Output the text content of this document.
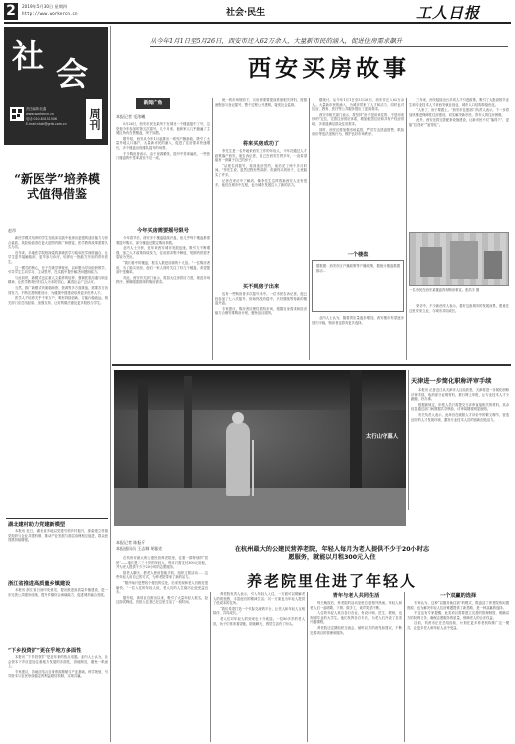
2	2019年5月30日 星期四
http://www.workercn.cn	社会·民生	工人日报
社 会
周刊
责任编辑:杜鑫
www.workercn.cn
电话:010-84151506
E-mail:shzk@grrb.com.cn
“新医学”培养模式值得借鉴
赵昂

新医学模式培养的学生在临床实践中表现出更强的适应能力与综合素质，其经验值得在更大范围内推广和借鉴，医学教育改革需要久久为功。

近年来，多地医学院校探索将基础医学与临床医学深度融合，让学生更早接触临床、更早参与诊疗，培养出一批能力突出的青年医生。

这一模式的核心，在于打破学科壁垒，以问题为导向组织教学，引导学生主动学习、主动思考，在实践中提升解决问题的能力。

与此同时，新模式也注重人文素养的培养，强调医患沟通与职业精神，让医学教育回归以人为本的初心，赢得社会广泛认可。

当然，推广新模式仍面临师资、资源等多方面挑战，需要各方协同发力，不断完善制度设计，为健康中国建设培养更多优秀人才。

医学人才培养关乎千家万户，唯有持续创新，方能行稳致远。相关部门应总结经验、加强支持，让好的做法惠及更多院校与学生。

湖北建村助力党建新模型

本报讯 近日，湖北省多地以党建引领乡村振兴，探索建立村级党组织与企业共建机制，推动产业发展与基层治理相互促进，群众获得感持续增强。

浙江省推进高质量乡镇建设

本报讯 浙江省日前印发意见，提出推进高质量乡镇建设，进一步完善公共服务设施，提升乡镇综合承载能力，促进城乡融合发展。

“下乡投资扩”更在乎地方多面性

本报讯 “下乡投资扩”是近年来的热点话题。业内人士认为，社会资本下乡应更加注重地方发展的多面性，因地制宜，避免一哄而上。

专家建议，各地应结合自身资源禀赋与产业基础，科学规划，引导资本与农民形成稳定的利益联结机制，实现共赢。

从今年1月1日至5月26日，西安市迁入62万余人，大量新市民的涌入，促进住房需求飙升
西安买房故事
新闻广角
本报记者 毛浓曦

5月26日，西安市民毛某终于在城北一个楼盘摇中了号，这是他今年参加的第五次摇号。几个月来，他和家人几乎跑遍了主城区所有在售楼盘，终于如愿。

据介绍，西安从今年1月起推出一系列户籍新政，吸引了大量外地人口落户，大量新市民的涌入，促进了住房需求快速增长，多个楼盘出现排队摇号的场景。

不少购房者表示，由于房源紧张，摇号中签率偏低，一些热门楼盘的中签率甚至不足一成。

今年买房需要摇号限号

今年春节后，西安多个楼盘陆续开盘，但几乎每个楼盘都需要摇号购买，部分楼盘还限定购房套数。

业内人士分析，近年来西安城市发展迅速，吸引力不断增强，加之人才政策持续发力，住房需求集中释放，短期内供需矛盾较为突出。

“我们看中的楼盘，报名人数是房源的十几倍。”一位购房者说，为了能买到房，他们一家人同时关注了好几个楼盘，希望提高中签概率。

对此，西安有关部门表示，将加大住房供应力度，规范市场秩序，保障刚需群体的购房需求。

统一的市场规则下，买房者需要提前准备相关材料，按照流程参与登记摇号，整个过程公开透明，接受社会监督。

将来买房成功了

李先生是一名外地来西安工作的年轻人，今年初通过人才政策落户西安。他告诉记者，自己在西安打拼多年，一直希望能有一套属于自己的房子。

“从报名到摇号，再到选房签约，前后花了两个多月时间。”李先生说，虽然过程有些曲折，但最终买到房子，心里踏实了许多。

记者在采访中了解到，像李先生这样的新西安人还有很多，他们在城市中扎根，也为城市发展注入了新的活力。

买不到房子出来

也有一些购房者多次摇号未中。一位市民告诉记者，他已经参加了七八次摇号，但始终没有摇中，只好继续等待新的楼盘开盘。

专家建议，购房者应理性看待市场，根据自身需求和经济能力合理安排购房计划，避免盲目跟风。

据统计，从今年1月1日至5月26日，西安市迁入62万余人。大量新市民的涌入，为城市带来了人才和活力，同时也对住房、教育、医疗等公共服务提出了更高要求。

西安市相关部门表示，将坚持“房子是用来住的、不是用来炒的”定位，完善住房供应体系，增加租赁住房和共有产权房供给，多渠道满足群众住房需求。

同时，西安还将加强市场监管，严厉打击捂盘惜售、哄抬房价等违法违规行为，维护良好市场秩序。

一个楼盘
据数据：西安市区户籍政策等户籍政策，据统计楼盘数据推动...

业内人士认为，随着供应量逐步增加，西安楼市有望逐步回归平稳，购房者也将有更多选择。

三年来，西安陆续出台多项人才引进政策，吸引了大批高校毕业生和专业技术人才来西安就业创业，城市人口结构持续优化。

“人来了，房子要跟上。”西安市住建部门负责人表示，下一步将加快推进保障性住房建设，切实解决新市民、青年人的住房困难。

此外，西安还将完善配套设施建设，让新市民不仅“落得下”，更能“住得好”“留得住”。

一名市民在西安某楼盘咨询购房事宜。张浩宇 摄

采访中，不少新西安人表示，看好这座城市的发展前景，愿意在这里安家立业，与城市共同成长。

太行山守墓人
天津进一步简化职称评审手续

本报讯 记者近日从天津市人社局获悉，天津将进一步简化职称评审手续，取消部分证明材料，推行网上申报，让专业技术人才少跑腿、好办事。

根据新规定，申报人员只需提交与评审直接相关的材料，其余信息通过部门间数据共享核验，评审周期将明显缩短。

有关负责人表示，此举旨在破除人才评价中的繁文缛节，营造良好的人才发展环境，激发专业技术人员的创新创造活力。

在杭州最大的公建民营养老院，年轻人每月为老人提供不少于20小时志愿服务，就能以月租300元入住
养老院里住进了年轻人
本报记者 陈振斤
本报通讯员 王志城 胡振宏

在杭州市最大的公建民营养老院里，住着一群特别的“居民”——他们是二三十岁的年轻人，每月只需支付300元房租，并为老人提供不少于20小时的志愿服务。

陪老人聊天、教老人使用智能手机、组织文娱活动……这些年轻人用自己的方式，为养老院带来了新的活力。

“刚开始只是想找个便宜的住处，后来发现和老人们相处很愉快。”一位入住的年轻人说，老人们的人生阅历让他受益良多。

据介绍，该项目自推出以来，吸引了大量年轻人报名，经过面试筛选，首批入住者已在这里生活了一段时间。

养老院负责人表示，引入年轻人入住，一方面可以缓解老人的孤独感，丰富他们的精神生活；另一方面也为年轻人提供了低成本的住所。

“我们希望打造一个代际交流的平台，让老人和年轻人互相陪伴、共同成长。”

老人们对年轻人的到来也十分欢迎。一位80多岁的老人说，孩子们常来看望她，陪她聊天，感觉生活有了盼头。

青年与老人共同生活

每天晚饭后，养老院的活动室里总是格外热闹。年轻人和老人们一起唱歌、下棋、做手工，欢声笑语不断。

入住的年轻人来自各行各业，有设计师、医生、教师，也有刚毕业的大学生。他们发挥各自专长，为老人们开设了各类兴趣课程。

养老院还定期组织交流会，倾听双方的意见和建议，不断完善项目的管理和服务。

一个双赢的选择

专家认为，这种“以服务换住宿”的模式，既盘活了养老院的闲置资源，也为解决年轻人住房难题提供了新思路，是一种双赢的选择。

不过也有专家提醒，此类项目需要建立完善的管理制度，明确双方的权利义务，确保志愿服务的质量，保障老人的合法权益。

目前，杭州市正在总结经验，计划在更多养老机构推广这一模式，让更多老人和年轻人从中受益。
